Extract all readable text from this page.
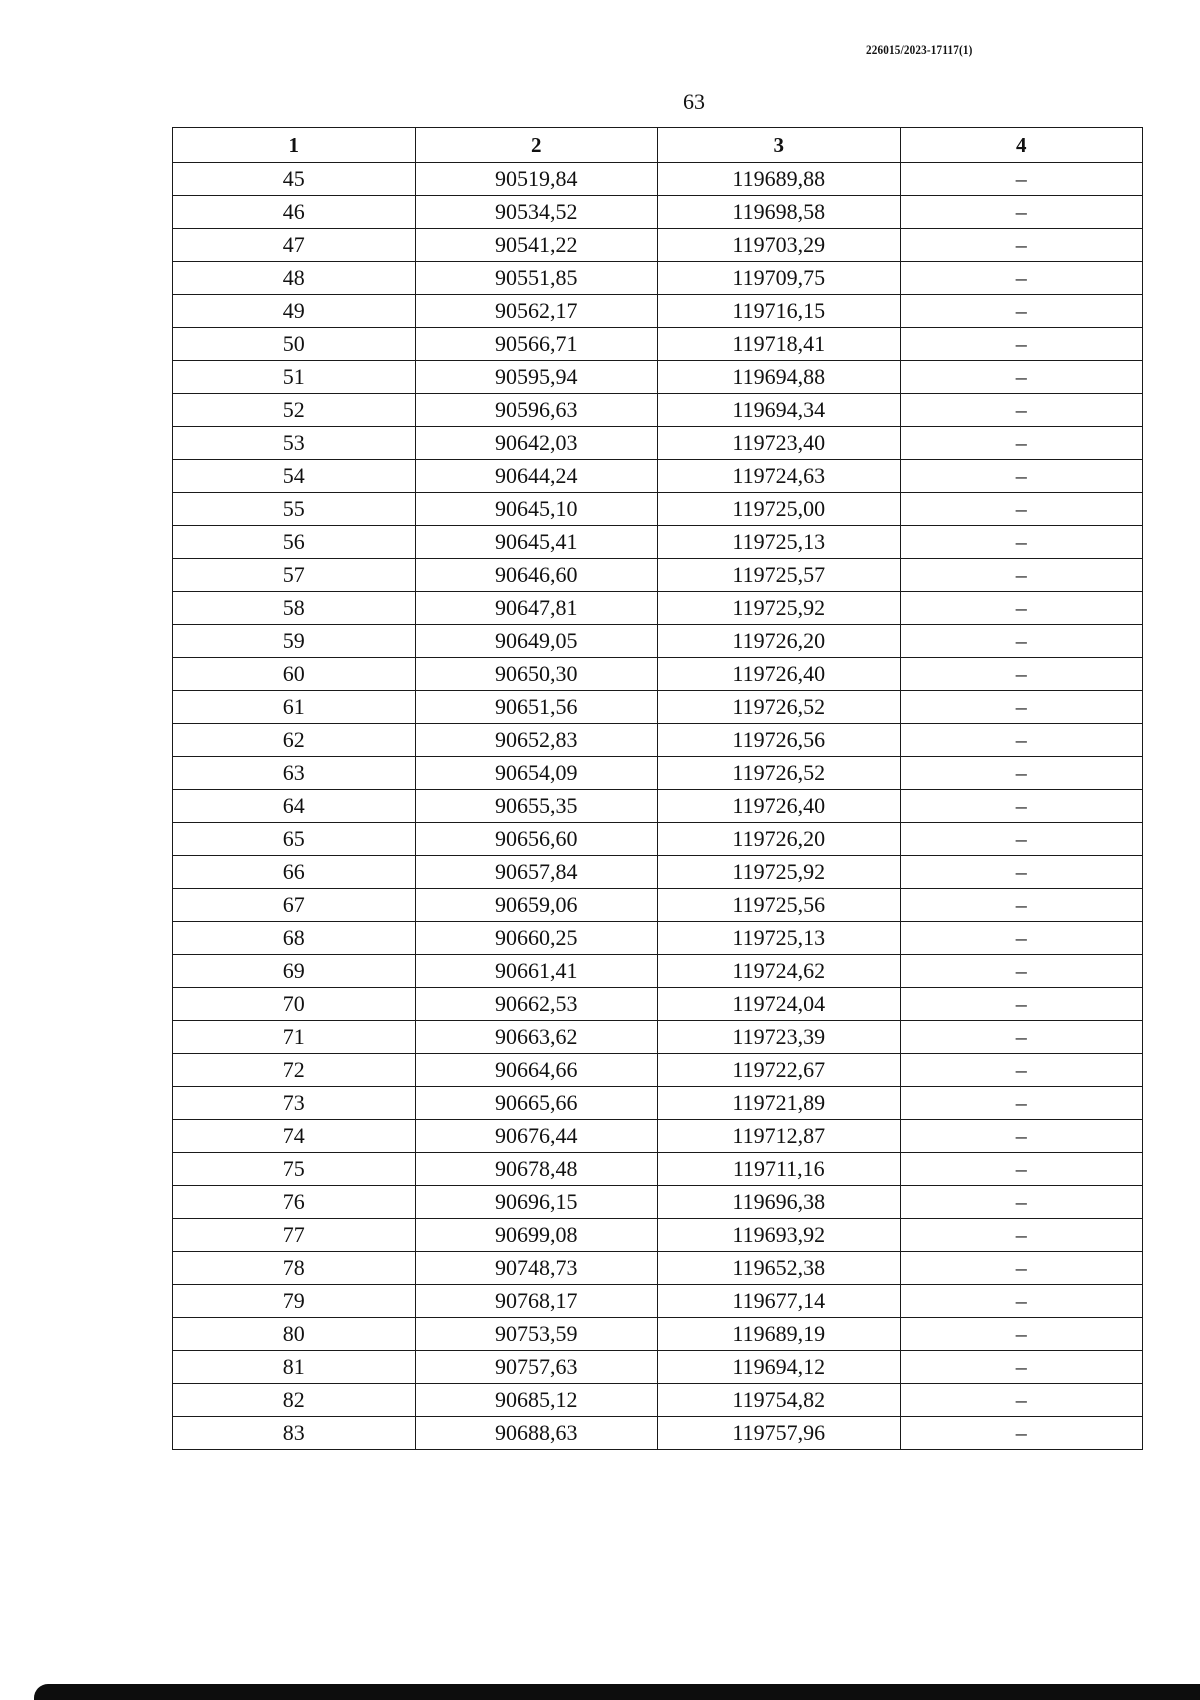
226015/2023-17117(1)
63
1	2	3	4
45	90519,84	119689,88	–
46	90534,52	119698,58	–
47	90541,22	119703,29	–
48	90551,85	119709,75	–
49	90562,17	119716,15	–
50	90566,71	119718,41	–
51	90595,94	119694,88	–
52	90596,63	119694,34	–
53	90642,03	119723,40	–
54	90644,24	119724,63	–
55	90645,10	119725,00	–
56	90645,41	119725,13	–
57	90646,60	119725,57	–
58	90647,81	119725,92	–
59	90649,05	119726,20	–
60	90650,30	119726,40	–
61	90651,56	119726,52	–
62	90652,83	119726,56	–
63	90654,09	119726,52	–
64	90655,35	119726,40	–
65	90656,60	119726,20	–
66	90657,84	119725,92	–
67	90659,06	119725,56	–
68	90660,25	119725,13	–
69	90661,41	119724,62	–
70	90662,53	119724,04	–
71	90663,62	119723,39	–
72	90664,66	119722,67	–
73	90665,66	119721,89	–
74	90676,44	119712,87	–
75	90678,48	119711,16	–
76	90696,15	119696,38	–
77	90699,08	119693,92	–
78	90748,73	119652,38	–
79	90768,17	119677,14	–
80	90753,59	119689,19	–
81	90757,63	119694,12	–
82	90685,12	119754,82	–
83	90688,63	119757,96	–
